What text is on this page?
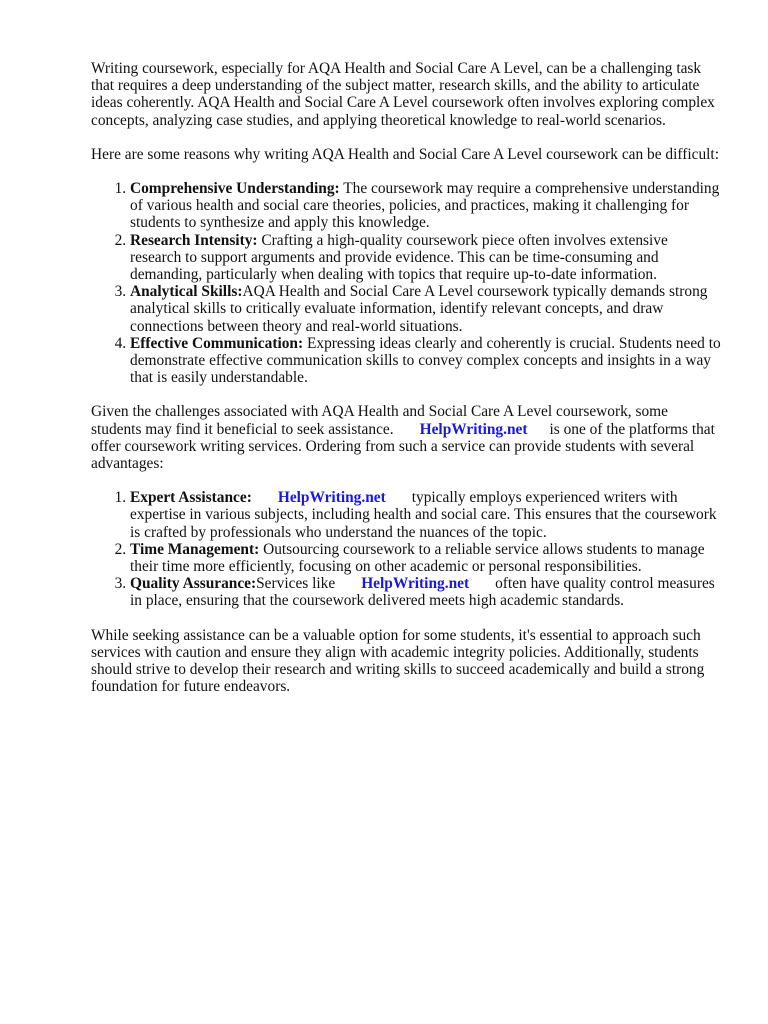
Writing coursework, especially for AQA Health and Social Care A Level, can be a challenging task that requires a deep understanding of the subject matter, research skills, and the ability to articulate ideas coherently. AQA Health and Social Care A Level coursework often involves exploring complex concepts, analyzing case studies, and applying theoretical knowledge to real-world scenarios.

Here are some reasons why writing AQA Health and Social Care A Level coursework can be difficult:

1. Comprehensive Understanding: The coursework may require a comprehensive understanding of various health and social care theories, policies, and practices, making it challenging for students to synthesize and apply this knowledge.
2. Research Intensity: Crafting a high-quality coursework piece often involves extensive research to support arguments and provide evidence. This can be time-consuming and demanding, particularly when dealing with topics that require up-to-date information.
3. Analytical Skills:AQA Health and Social Care A Level coursework typically demands strong analytical skills to critically evaluate information, identify relevant concepts, and draw connections between theory and real-world situations.
4. Effective Communication: Expressing ideas clearly and coherently is crucial. Students need to demonstrate effective communication skills to convey complex concepts and insights in a way that is easily understandable.

Given the challenges associated with AQA Health and Social Care A Level coursework, some students may find it beneficial to seek assistance. HelpWriting.net is one of the platforms that offer coursework writing services. Ordering from such a service can provide students with several advantages:

1. Expert Assistance: HelpWriting.net typically employs experienced writers with expertise in various subjects, including health and social care. This ensures that the coursework is crafted by professionals who understand the nuances of the topic.
2. Time Management: Outsourcing coursework to a reliable service allows students to manage their time more efficiently, focusing on other academic or personal responsibilities.
3. Quality Assurance:Services like HelpWriting.net often have quality control measures in place, ensuring that the coursework delivered meets high academic standards.

While seeking assistance can be a valuable option for some students, it's essential to approach such services with caution and ensure they align with academic integrity policies. Additionally, students should strive to develop their research and writing skills to succeed academically and build a strong foundation for future endeavors.
